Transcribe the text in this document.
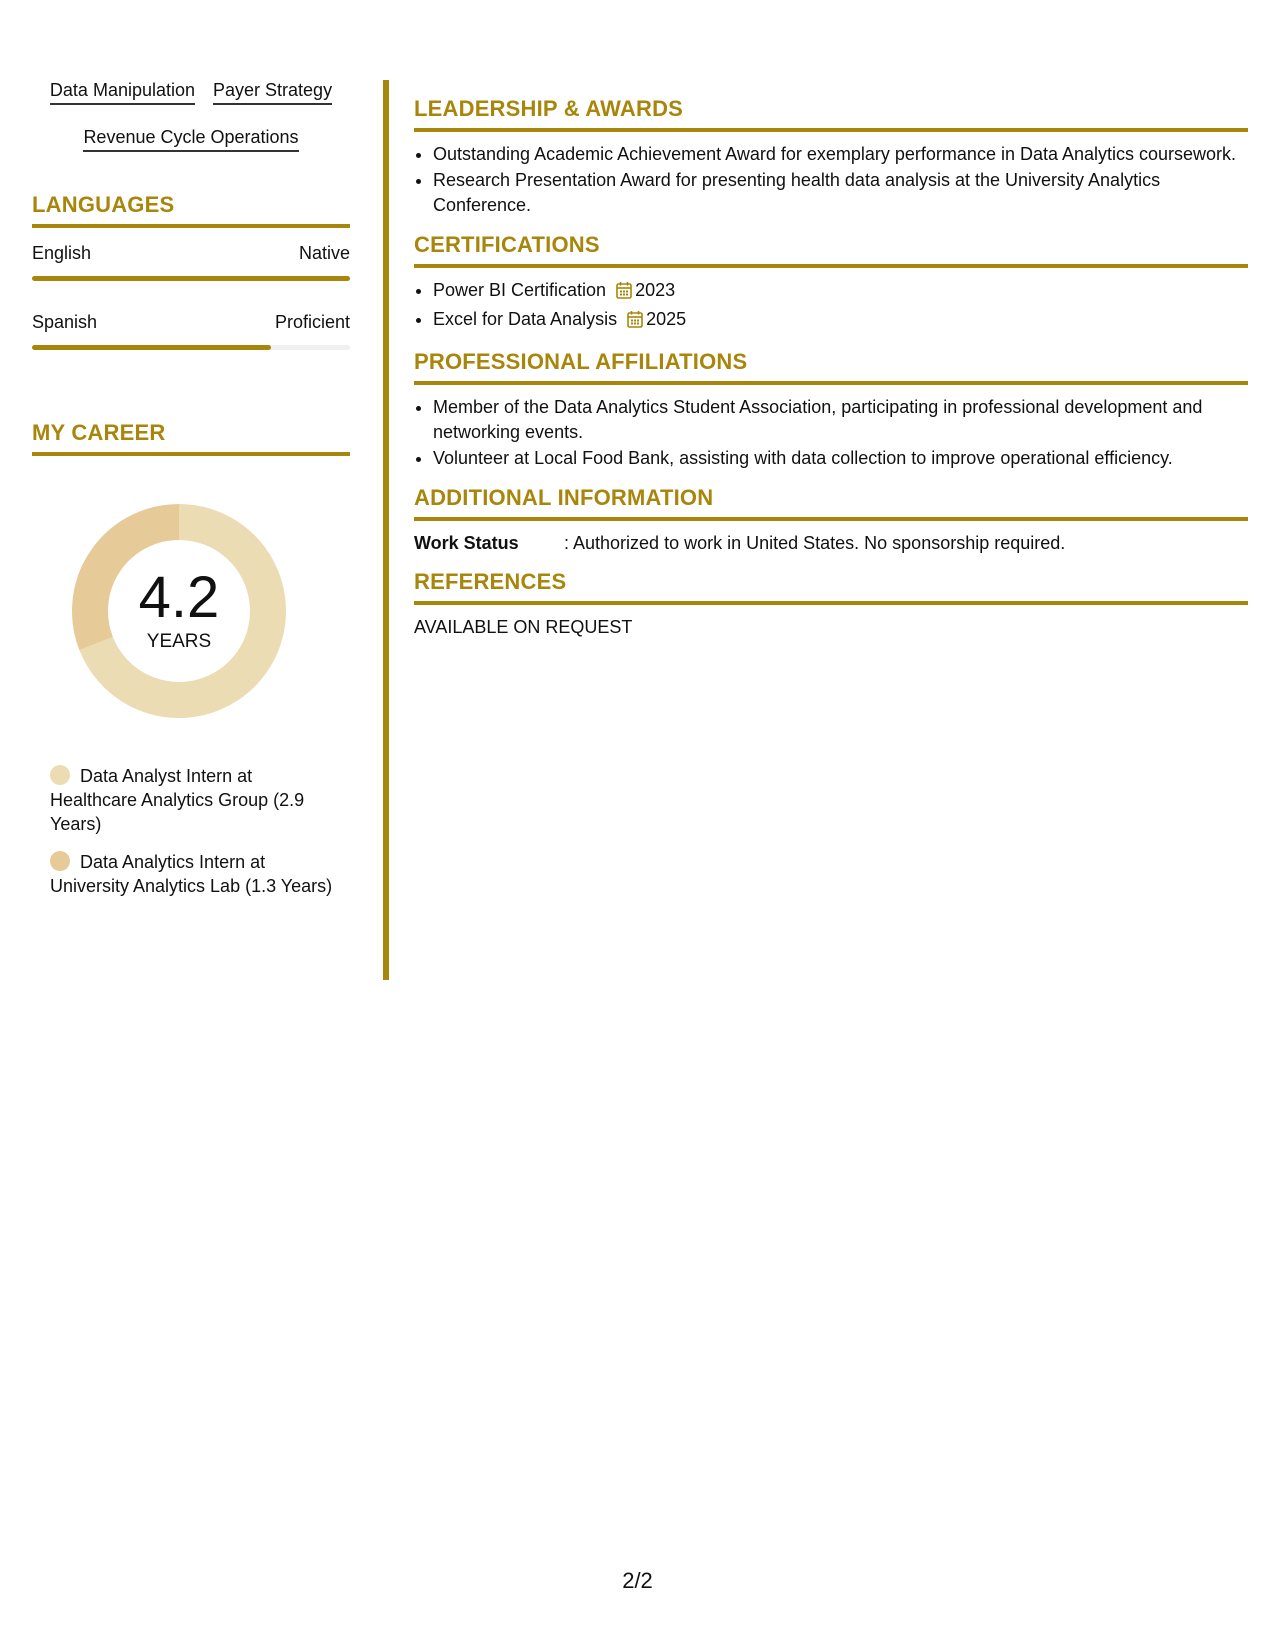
Data Manipulation Payer Strategy
Revenue Cycle Operations
LANGUAGES
English	Native
Spanish	Proficient
MY CAREER
4.2
YEARS
Data Analyst Intern at Healthcare Analytics Group (2.9 Years)
Data Analytics Intern at University Analytics Lab (1.3 Years)
LEADERSHIP & AWARDS
• Outstanding Academic Achievement Award for exemplary performance in Data Analytics coursework.
• Research Presentation Award for presenting health data analysis at the University Analytics Conference.
CERTIFICATIONS
• Power BI Certification 2023
• Excel for Data Analysis 2025
PROFESSIONAL AFFILIATIONS
• Member of the Data Analytics Student Association, participating in professional development and networking events.
• Volunteer at Local Food Bank, assisting with data collection to improve operational efficiency.
ADDITIONAL INFORMATION
Work Status	: Authorized to work in United States. No sponsorship required.
REFERENCES
AVAILABLE ON REQUEST
2/2
